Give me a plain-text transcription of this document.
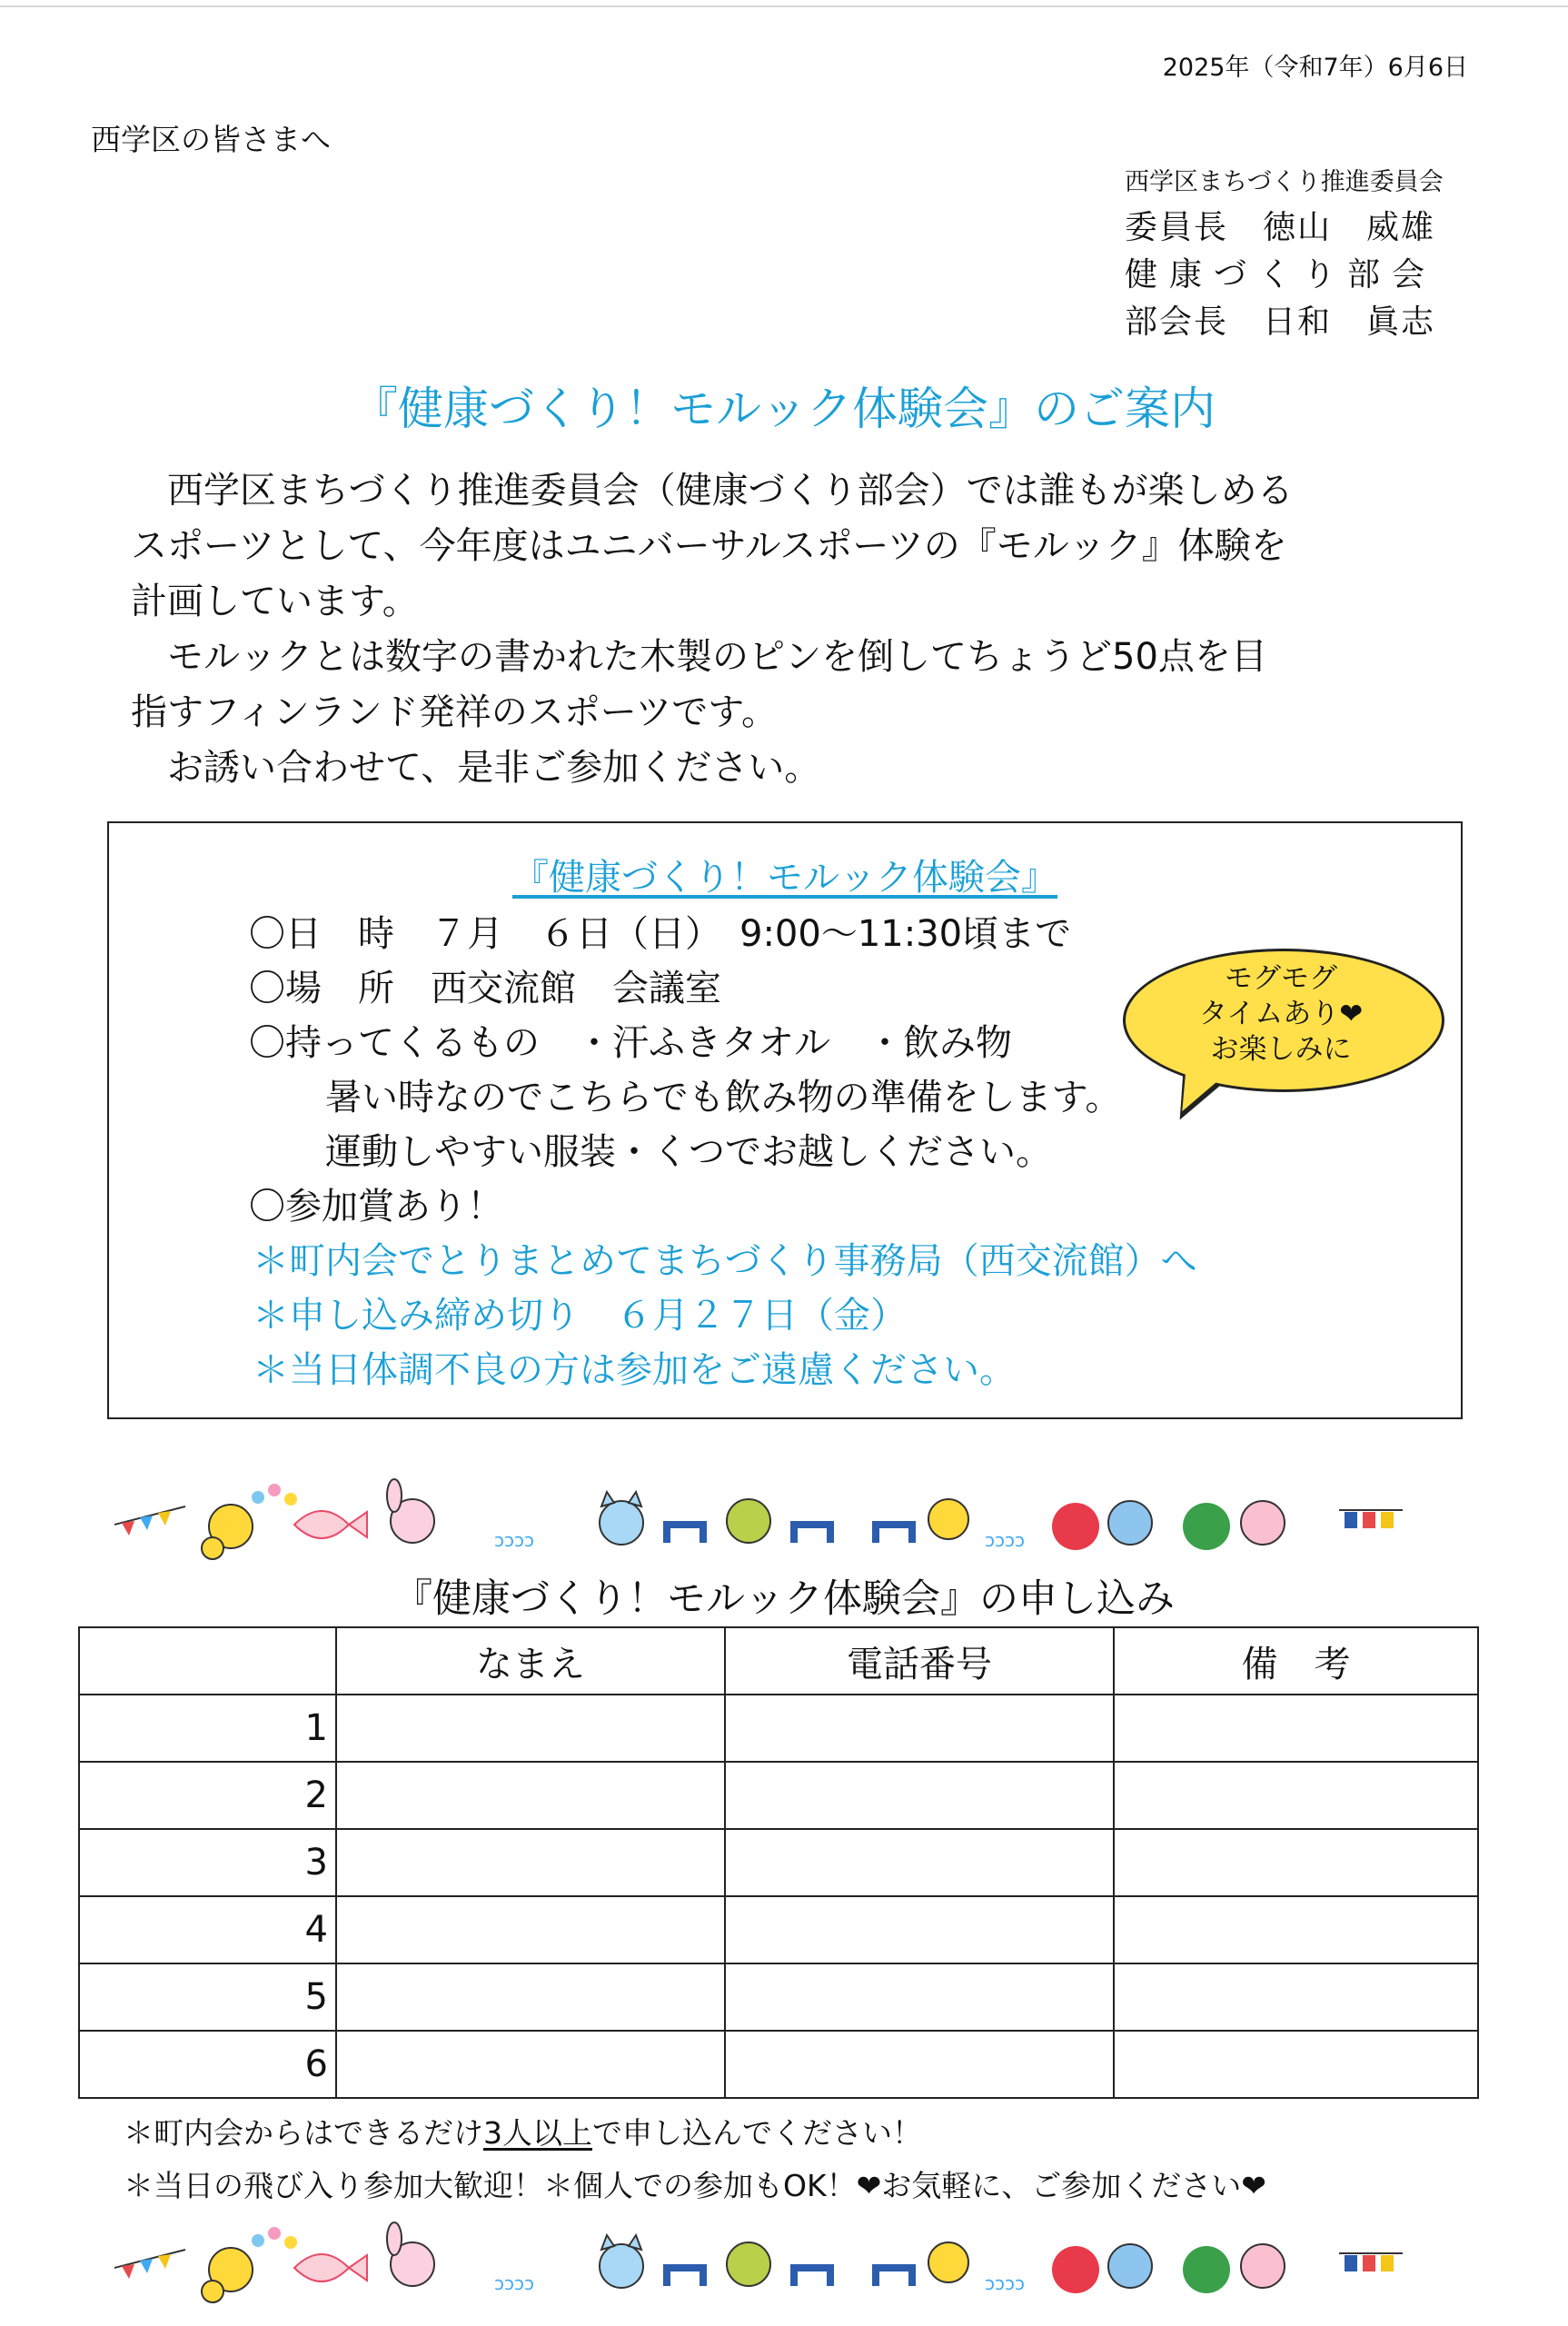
2025年（令和7年）6月6日
西学区の皆さまへ
西学区まちづくり推進委員会
委員長　徳山　威雄
健康づくり部会
部会長　日和　眞志
『健康づくり！モルック体験会』のご案内
　西学区まちづくり推進委員会（健康づくり部会）では誰もが楽しめる
スポーツとして、今年度はユニバーサルスポーツの『モルック』体験を
計画しています。
　モルックとは数字の書かれた木製のピンを倒してちょうど50点を目
指すフィンランド発祥のスポーツです。
　お誘い合わせて、是非ご参加ください。
『健康づくり！モルック体験会』
〇日　時　７月　６日（日）　9:00～11:30頃まで
〇場　所　西交流館　会議室
〇持ってくるもの　・汗ふきタオル　・飲み物
暑い時なのでこちらでも飲み物の準備をします。
運動しやすい服装・くつでお越しください。
〇参加賞あり！
＊町内会でとりまとめてまちづくり事務局（西交流館）へ
＊申し込み締め切り　６月２７日（金）
＊当日体調不良の方は参加をご遠慮ください。
モグモグ
タイムあり❤
お楽しみに
ɔɔɔɔ	ɔɔɔɔ
『健康づくり！モルック体験会』の申し込み
	なまえ	電話番号	備　考
1			
2			
3			
4			
5			
6			
＊町内会からはできるだけ3人以上で申し込んでください！
＊当日の飛び入り参加大歓迎！＊個人での参加もOK！❤お気軽に、ご参加ください❤
ɔɔɔɔ	ɔɔɔɔ
